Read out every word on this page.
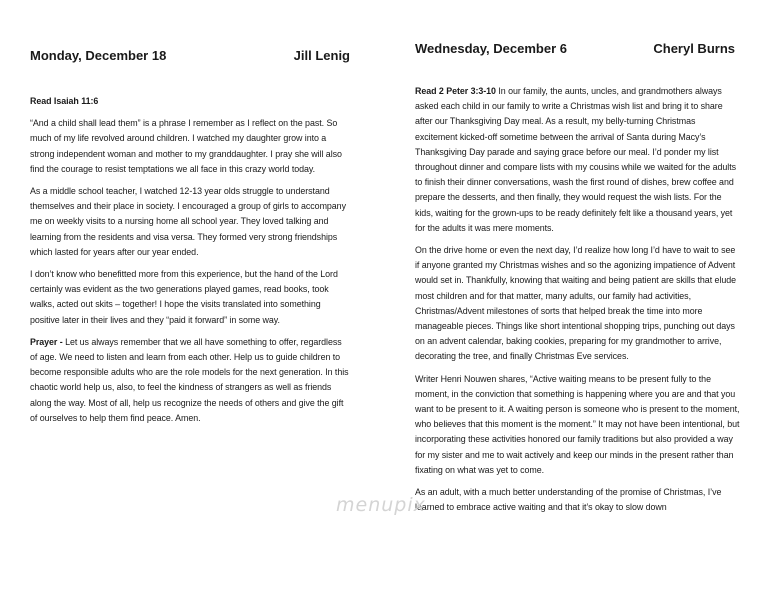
Monday, December 18	Jill Lenig

Read Isaiah 11:6

“And a child shall lead them” is a phrase I remember as I reflect on the past. So much of my life revolved around children. I watched my daughter grow into a strong independent woman and mother to my granddaughter. I pray she will also find the courage to resist temptations we all face in this crazy world today.

As a middle school teacher, I watched 12-13 year olds struggle to understand themselves and their place in society. I encouraged a group of girls to accompany me on weekly visits to a nursing home all school year. They loved talking and learning from the residents and visa versa. They formed very strong friendships which lasted for years after our year ended.

I don’t know who benefitted more from this experience, but the hand of the Lord certainly was evident as the two generations played games, read books, took walks, acted out skits – together! I hope the visits translated into something positive later in their lives and they “paid it forward” in some way.

Prayer - Let us always remember that we all have something to offer, regardless of age. We need to listen and learn from each other. Help us to guide children to become responsible adults who are the role models for the next generation. In this chaotic world help us, also, to feel the kindness of strangers as well as friends along the way. Most of all, help us recognize the needs of others and give the gift of ourselves to help them find peace. Amen.

Wednesday, December 6	Cheryl Burns

Read 2 Peter 3:3-10 In our family, the aunts, uncles, and grandmothers always asked each child in our family to write a Christmas wish list and bring it to share after our Thanksgiving Day meal. As a result, my belly-turning Christmas excitement kicked-off sometime between the arrival of Santa during Macy’s Thanksgiving Day parade and saying grace before our meal. I’d ponder my list throughout dinner and compare lists with my cousins while we waited for the adults to finish their dinner conversations, wash the first round of dishes, brew coffee and prepare the desserts, and then finally, they would request the wish lists. For the kids, waiting for the grown-ups to be ready definitely felt like a thousand years, yet for the adults it was mere moments.

On the drive home or even the next day, I’d realize how long I’d have to wait to see if anyone granted my Christmas wishes and so the agonizing impatience of Advent would set in. Thankfully, knowing that waiting and being patient are skills that elude most children and for that matter, many adults, our family had activities, Christmas/Advent milestones of sorts that helped break the time into more manageable pieces. Things like short intentional shopping trips, punching out days on an advent calendar, baking cookies, preparing for my grandmother to arrive, decorating the tree, and finally Christmas Eve services.

Writer Henri Nouwen shares, “Active waiting means to be present fully to the moment, in the conviction that something is happening where you are and that you want to be present to it. A waiting person is someone who is present to the moment, who believes that this moment is the moment.” It may not have been intentional, but incorporating these activities honored our family traditions but also provided a way for my sister and me to wait actively and keep our minds in the present rather than fixating on what was yet to come.

As an adult, with a much better understanding of the promise of Christmas, I’ve learned to embrace active waiting and that it’s okay to slow down

menupix
